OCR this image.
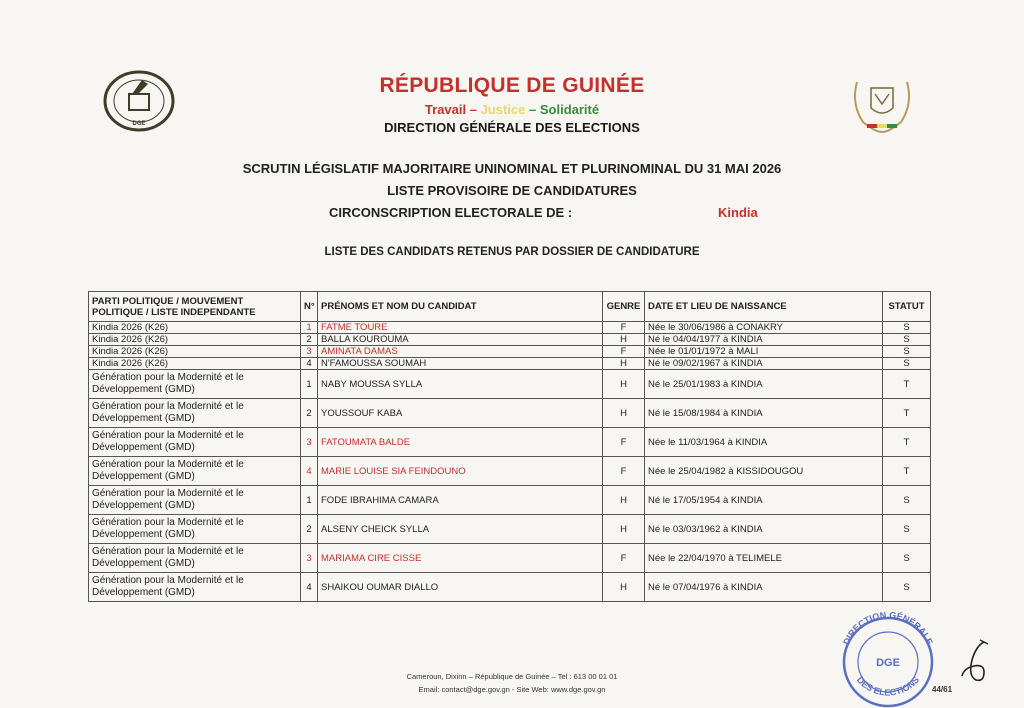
DGE
RÉPUBLIQUE DE GUINÉE
Travail – Justice – Solidarité
DIRECTION GÉNÉRALE DES ELECTIONS
SCRUTIN LÉGISLATIF MAJORITAIRE UNINOMINAL ET PLURINOMINAL DU 31 MAI 2026
LISTE PROVISOIRE DE CANDIDATURES
CIRCONSCRIPTION ELECTORALE DE :	Kindia
LISTE DES CANDIDATS RETENUS PAR DOSSIER DE CANDIDATURE
PARTI POLITIQUE / MOUVEMENT POLITIQUE / LISTE INDEPENDANTE	N°	PRÉNOMS ET NOM DU CANDIDAT	GENRE	DATE ET LIEU DE NAISSANCE	STATUT
Kindia 2026 (K26)	1	FATME TOURE	F	Née le 30/06/1986 à CONAKRY	S
Kindia 2026 (K26)	2	BALLA KOUROUMA	H	Né le 04/04/1977 à KINDIA	S
Kindia 2026 (K26)	3	AMINATA DAMAS	F	Née le 01/01/1972 à MALI	S
Kindia 2026 (K26)	4	N'FAMOUSSA SOUMAH	H	Né le 09/02/1967 à KINDIA	S
Génération pour la Modernité et le Développement (GMD)	1	NABY MOUSSA SYLLA	H	Né le 25/01/1983 à KINDIA	T
Génération pour la Modernité et le Développement (GMD)	2	YOUSSOUF KABA	H	Né le 15/08/1984 à KINDIA	T
Génération pour la Modernité et le Développement (GMD)	3	FATOUMATA BALDE	F	Née le 11/03/1964 à KINDIA	T
Génération pour la Modernité et le Développement (GMD)	4	MARIE LOUISE SIA FEINDOUNO	F	Née le 25/04/1982 à KISSIDOUGOU	T
Génération pour la Modernité et le Développement (GMD)	1	FODE IBRAHIMA CAMARA	H	Né le 17/05/1954 à KINDIA	S
Génération pour la Modernité et le Développement (GMD)	2	ALSENY CHEICK SYLLA	H	Né le 03/03/1962 à KINDIA	S
Génération pour la Modernité et le Développement (GMD)	3	MARIAMA CIRE CISSE	F	Née le 22/04/1970 à TELIMELE	S
Génération pour la Modernité et le Développement (GMD)	4	SHAIKOU OUMAR DIALLO	H	Né le 07/04/1976 à KINDIA	S
DIRECTION GÉNÉRALE
DES ELECTIONS
DGE
44/61
Cameroun, Dixinn – République de Guinée – Tel : 613 00 01 01
Email: contact@dge.gov.gn - Site Web: www.dge.gov.gn
